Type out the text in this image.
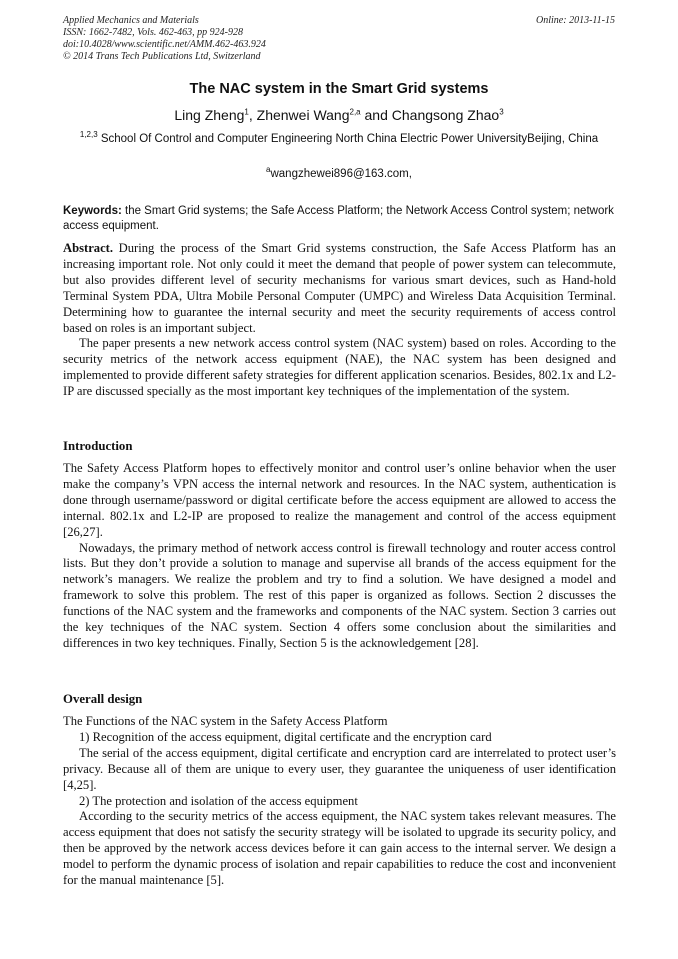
Applied Mechanics and Materials
ISSN: 1662-7482, Vols. 462-463, pp 924-928
doi:10.4028/www.scientific.net/AMM.462-463.924
© 2014 Trans Tech Publications Ltd, Switzerland
Online: 2013-11-15
The NAC system in the Smart Grid systems
Ling Zheng$^1$, Zhenwei Wang$^{2,a}$ and Changsong Zhao$^3$
$^{1,2,3}$ School Of Control and Computer Engineering North China Electric Power UniversityBeijing, China
$^a$wangzhewei896@163.com,
Keywords: the Smart Grid systems; the Safe Access Platform; the Network Access Control system; network access equipment.

Abstract. During the process of the Smart Grid systems construction, the Safe Access Platform has an increasing important role. Not only could it meet the demand that people of power system can telecommute, but also provides different level of security mechanisms for various smart devices, such as Hand-hold Terminal System PDA, Ultra Mobile Personal Computer (UMPC) and Wireless Data Acquisition Terminal. Determining how to guarantee the internal security and meet the security requirements of access control based on roles is an important subject.

The paper presents a new network access control system (NAC system) based on roles. According to the security metrics of the network access equipment (NAE), the NAC system has been designed and implemented to provide different safety strategies for different application scenarios. Besides, 802.1x and L2-IP are discussed specially as the most important key techniques of the implementation of the system.

Introduction

The Safety Access Platform hopes to effectively monitor and control user’s online behavior when the user make the company’s VPN access the internal network and resources. In the NAC system, authentication is done through username/password or digital certificate before the access equipment are allowed to access the internal. 802.1x and L2-IP are proposed to realize the management and control of the access equipment [26,27].

Nowadays, the primary method of network access control is firewall technology and router access control lists. But they don’t provide a solution to manage and supervise all brands of the access equipment for the network’s managers. We realize the problem and try to find a solution. We have designed a model and framework to solve this problem. The rest of this paper is organized as follows. Section 2 discusses the functions of the NAC system and the frameworks and components of the NAC system. Section 3 carries out the key techniques of the NAC system. Section 4 offers some conclusion about the similarities and differences in two key techniques. Finally, Section 5 is the acknowledgement [28].

Overall design

The Functions of the NAC system in the Safety Access Platform

1) Recognition of the access equipment, digital certificate and the encryption card

The serial of the access equipment, digital certificate and encryption card are interrelated to protect user’s privacy. Because all of them are unique to every user, they guarantee the uniqueness of user identification [4,25].

2) The protection and isolation of the access equipment

According to the security metrics of the access equipment, the NAC system takes relevant measures. The access equipment that does not satisfy the security strategy will be isolated to upgrade its security policy, and then be approved by the network access devices before it can gain access to the internal server. We design a model to perform the dynamic process of isolation and repair capabilities to reduce the cost and inconvenient for the manual maintenance [5].
